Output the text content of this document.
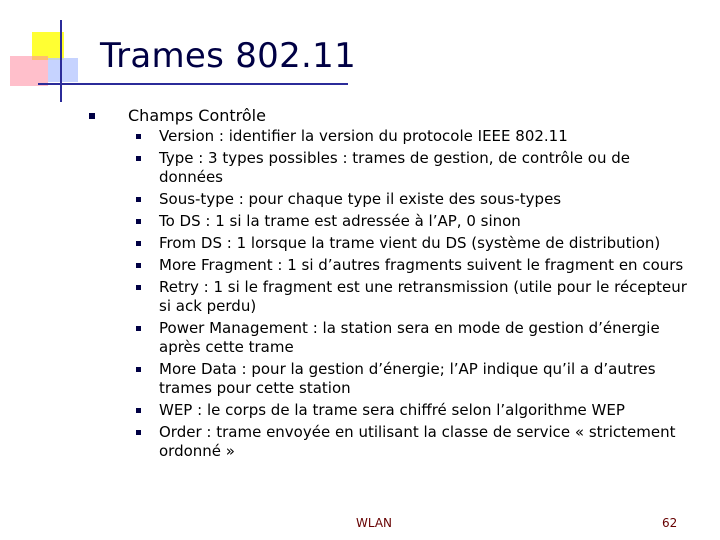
Trames 802.11
Champs Contrôle
Version : identifier la version du protocole IEEE 802.11
Type : 3 types possibles : trames de gestion, de contrôle ou de données
Sous-type : pour chaque type il existe des sous-types
To DS : 1 si la trame est adressée à l’AP, 0 sinon
From DS : 1 lorsque la trame vient du DS (système de distribution)
More Fragment : 1 si d’autres fragments suivent le fragment en cours
Retry : 1 si le fragment est une retransmission (utile pour le récepteur si ack perdu)
Power Management : la station sera en mode de gestion d’énergie après cette trame
More Data : pour la gestion d’énergie; l’AP indique qu’il a d’autres trames pour cette station
WEP : le corps de la trame sera chiffré selon l’algorithme WEP
Order : trame envoyée en utilisant la classe de service « strictement ordonné »
WLAN	62
